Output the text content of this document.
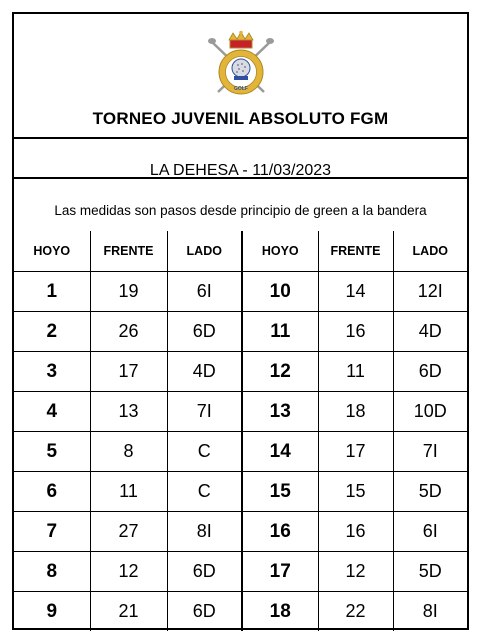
GOLF
TORNEO JUVENIL ABSOLUTO FGM
LA DEHESA - 11/03/2023
Las medidas son pasos desde principio de green a la bandera
HOYO	FRENTE	LADO	HOYO	FRENTE	LADO
1	19	6I	10	14	12I
2	26	6D	11	16	4D
3	17	4D	12	11	6D
4	13	7I	13	18	10D
5	8	C	14	17	7I
6	11	C	15	15	5D
7	27	8I	16	16	6I
8	12	6D	17	12	5D
9	21	6D	18	22	8I
